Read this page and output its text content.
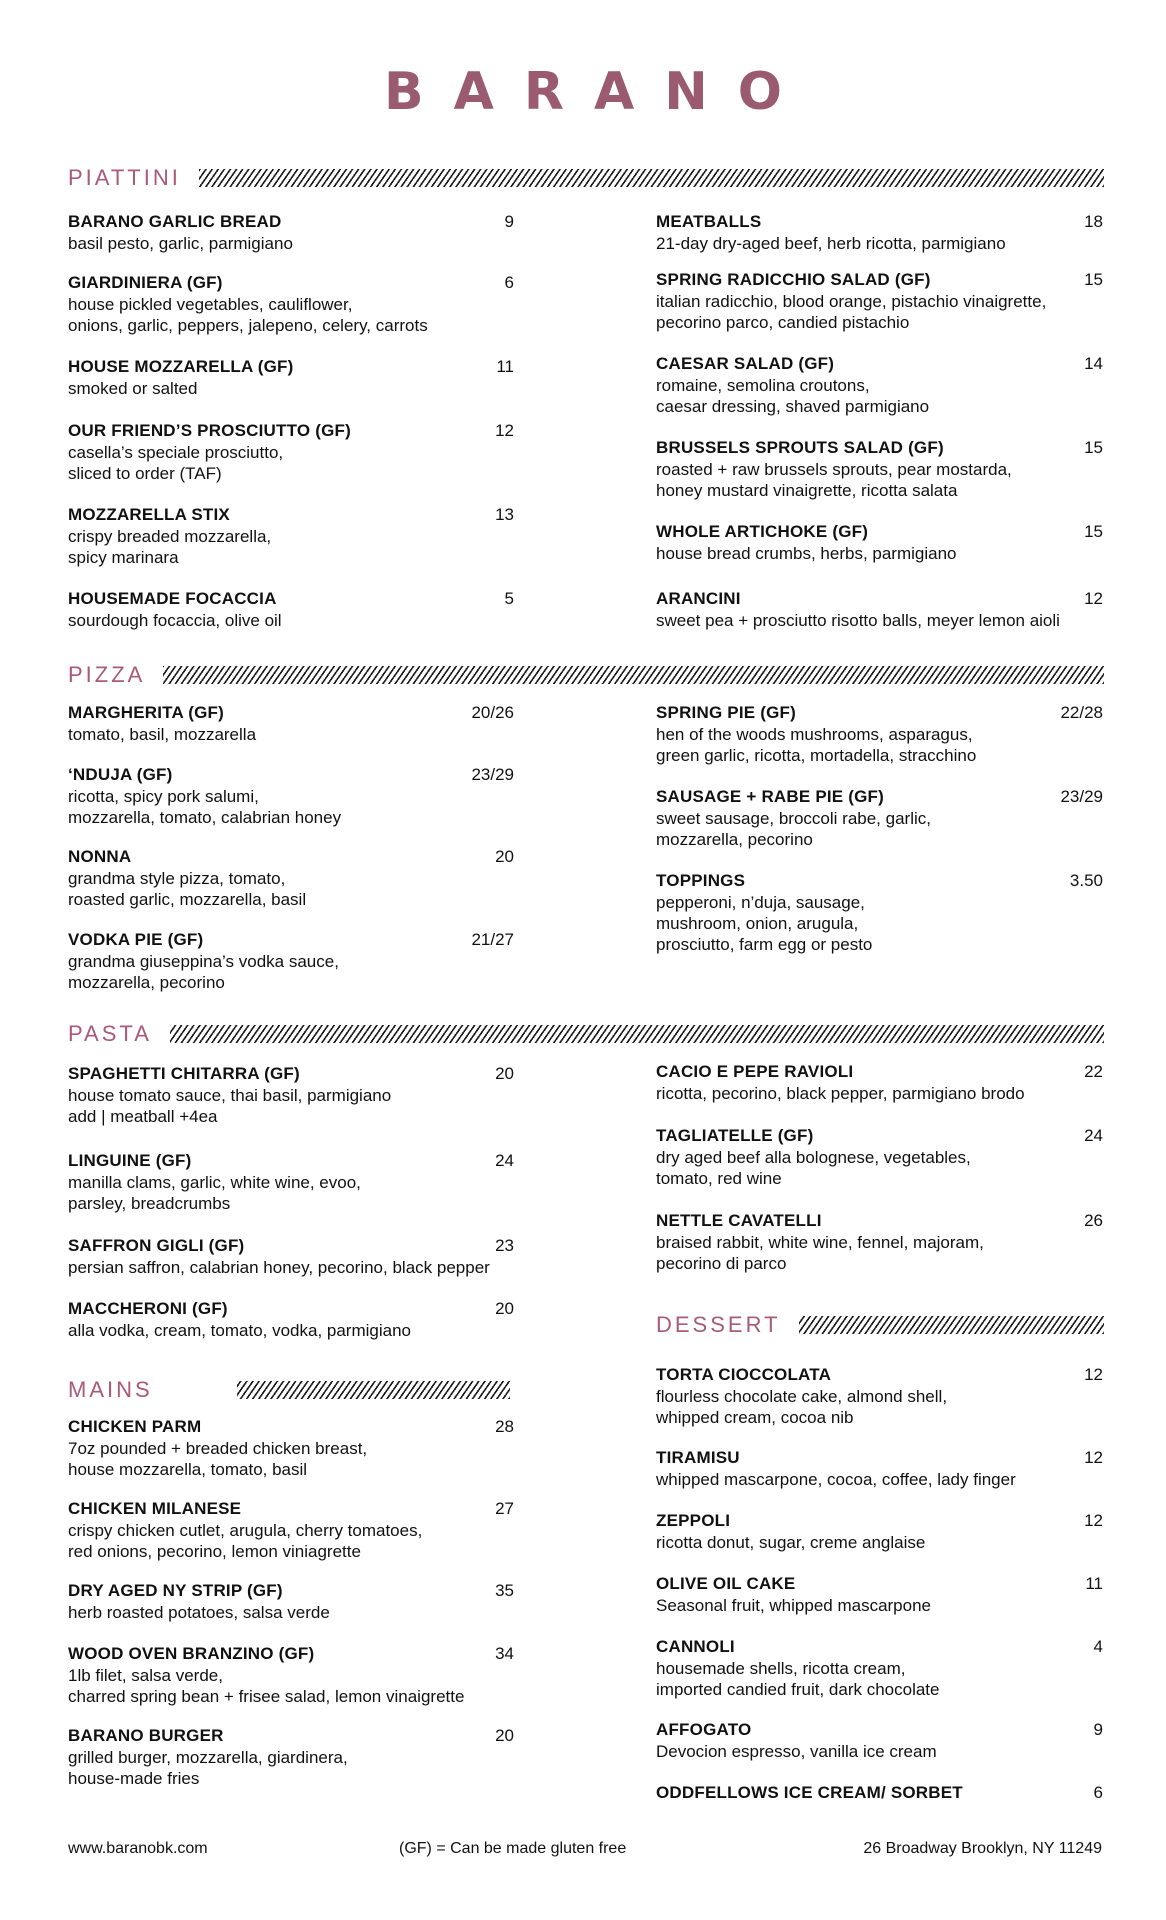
BARANO
PIATTINI
PIZZA
PASTA
MAINS
DESSERT
BARANO GARLIC BREAD	9
basil pesto, garlic, parmigiano
GIARDINIERA (GF)	6
house pickled vegetables, cauliflower,
onions, garlic, peppers, jalepeno, celery, carrots
HOUSE MOZZARELLA (GF)	11
smoked or salted
OUR FRIEND’S PROSCIUTTO (GF)	12
casella’s speciale prosciutto,
sliced to order (TAF)
MOZZARELLA STIX	13
crispy breaded mozzarella,
spicy marinara
HOUSEMADE FOCACCIA	5
sourdough focaccia, olive oil
MEATBALLS	18
21-day dry-aged beef, herb ricotta, parmigiano
SPRING RADICCHIO SALAD (GF)	15
italian radicchio, blood orange, pistachio vinaigrette,
pecorino parco, candied pistachio
CAESAR SALAD (GF)	14
romaine, semolina croutons,
caesar dressing, shaved parmigiano
BRUSSELS SPROUTS SALAD (GF)	15
roasted + raw brussels sprouts, pear mostarda,
honey mustard vinaigrette, ricotta salata
WHOLE ARTICHOKE (GF)	15
house bread crumbs, herbs, parmigiano
ARANCINI	12
sweet pea + prosciutto risotto balls, meyer lemon aioli
MARGHERITA (GF)	20/26
tomato, basil, mozzarella
‘NDUJA (GF)	23/29
ricotta, spicy pork salumi,
mozzarella, tomato, calabrian honey
NONNA	20
grandma style pizza, tomato,
roasted garlic, mozzarella, basil
VODKA PIE (GF)	21/27
grandma giuseppina’s vodka sauce,
mozzarella, pecorino
SPRING PIE (GF)	22/28
hen of the woods mushrooms, asparagus,
green garlic, ricotta, mortadella, stracchino
SAUSAGE + RABE PIE (GF)	23/29
sweet sausage, broccoli rabe, garlic,
mozzarella, pecorino
TOPPINGS	3.50
pepperoni, n’duja, sausage,
mushroom, onion, arugula,
prosciutto, farm egg or pesto
SPAGHETTI CHITARRA (GF)	20
house tomato sauce, thai basil, parmigiano
add | meatball +4ea
LINGUINE (GF)	24
manilla clams, garlic, white wine, evoo,
parsley, breadcrumbs
SAFFRON GIGLI (GF)	23
persian saffron, calabrian honey, pecorino, black pepper
MACCHERONI (GF)	20
alla vodka, cream, tomato, vodka, parmigiano
CACIO E PEPE RAVIOLI	22
ricotta, pecorino, black pepper, parmigiano brodo
TAGLIATELLE (GF)	24
dry aged beef alla bolognese, vegetables,
tomato, red wine
NETTLE CAVATELLI	26
braised rabbit, white wine, fennel, majoram,
pecorino di parco
CHICKEN PARM	28
7oz pounded + breaded chicken breast,
house mozzarella, tomato, basil
CHICKEN MILANESE	27
crispy chicken cutlet, arugula, cherry tomatoes,
red onions, pecorino, lemon viniagrette
DRY AGED NY STRIP (GF)	35
herb roasted potatoes, salsa verde
WOOD OVEN BRANZINO (GF)	34
1lb filet, salsa verde,
charred spring bean + frisee salad, lemon vinaigrette
BARANO BURGER	20
grilled burger, mozzarella, giardinera,
house-made fries
TORTA CIOCCOLATA	12
flourless chocolate cake, almond shell,
whipped cream, cocoa nib
TIRAMISU	12
whipped mascarpone, cocoa, coffee, lady finger
ZEPPOLI	12
ricotta donut, sugar, creme anglaise
OLIVE OIL CAKE	11
Seasonal fruit, whipped mascarpone
CANNOLI	4
housemade shells, ricotta cream,
imported candied fruit, dark chocolate
AFFOGATO	9
Devocion espresso, vanilla ice cream
ODDFELLOWS ICE CREAM/ SORBET	6
www.baranobk.com	(GF) = Can be made gluten free	26 Broadway Brooklyn, NY 11249
